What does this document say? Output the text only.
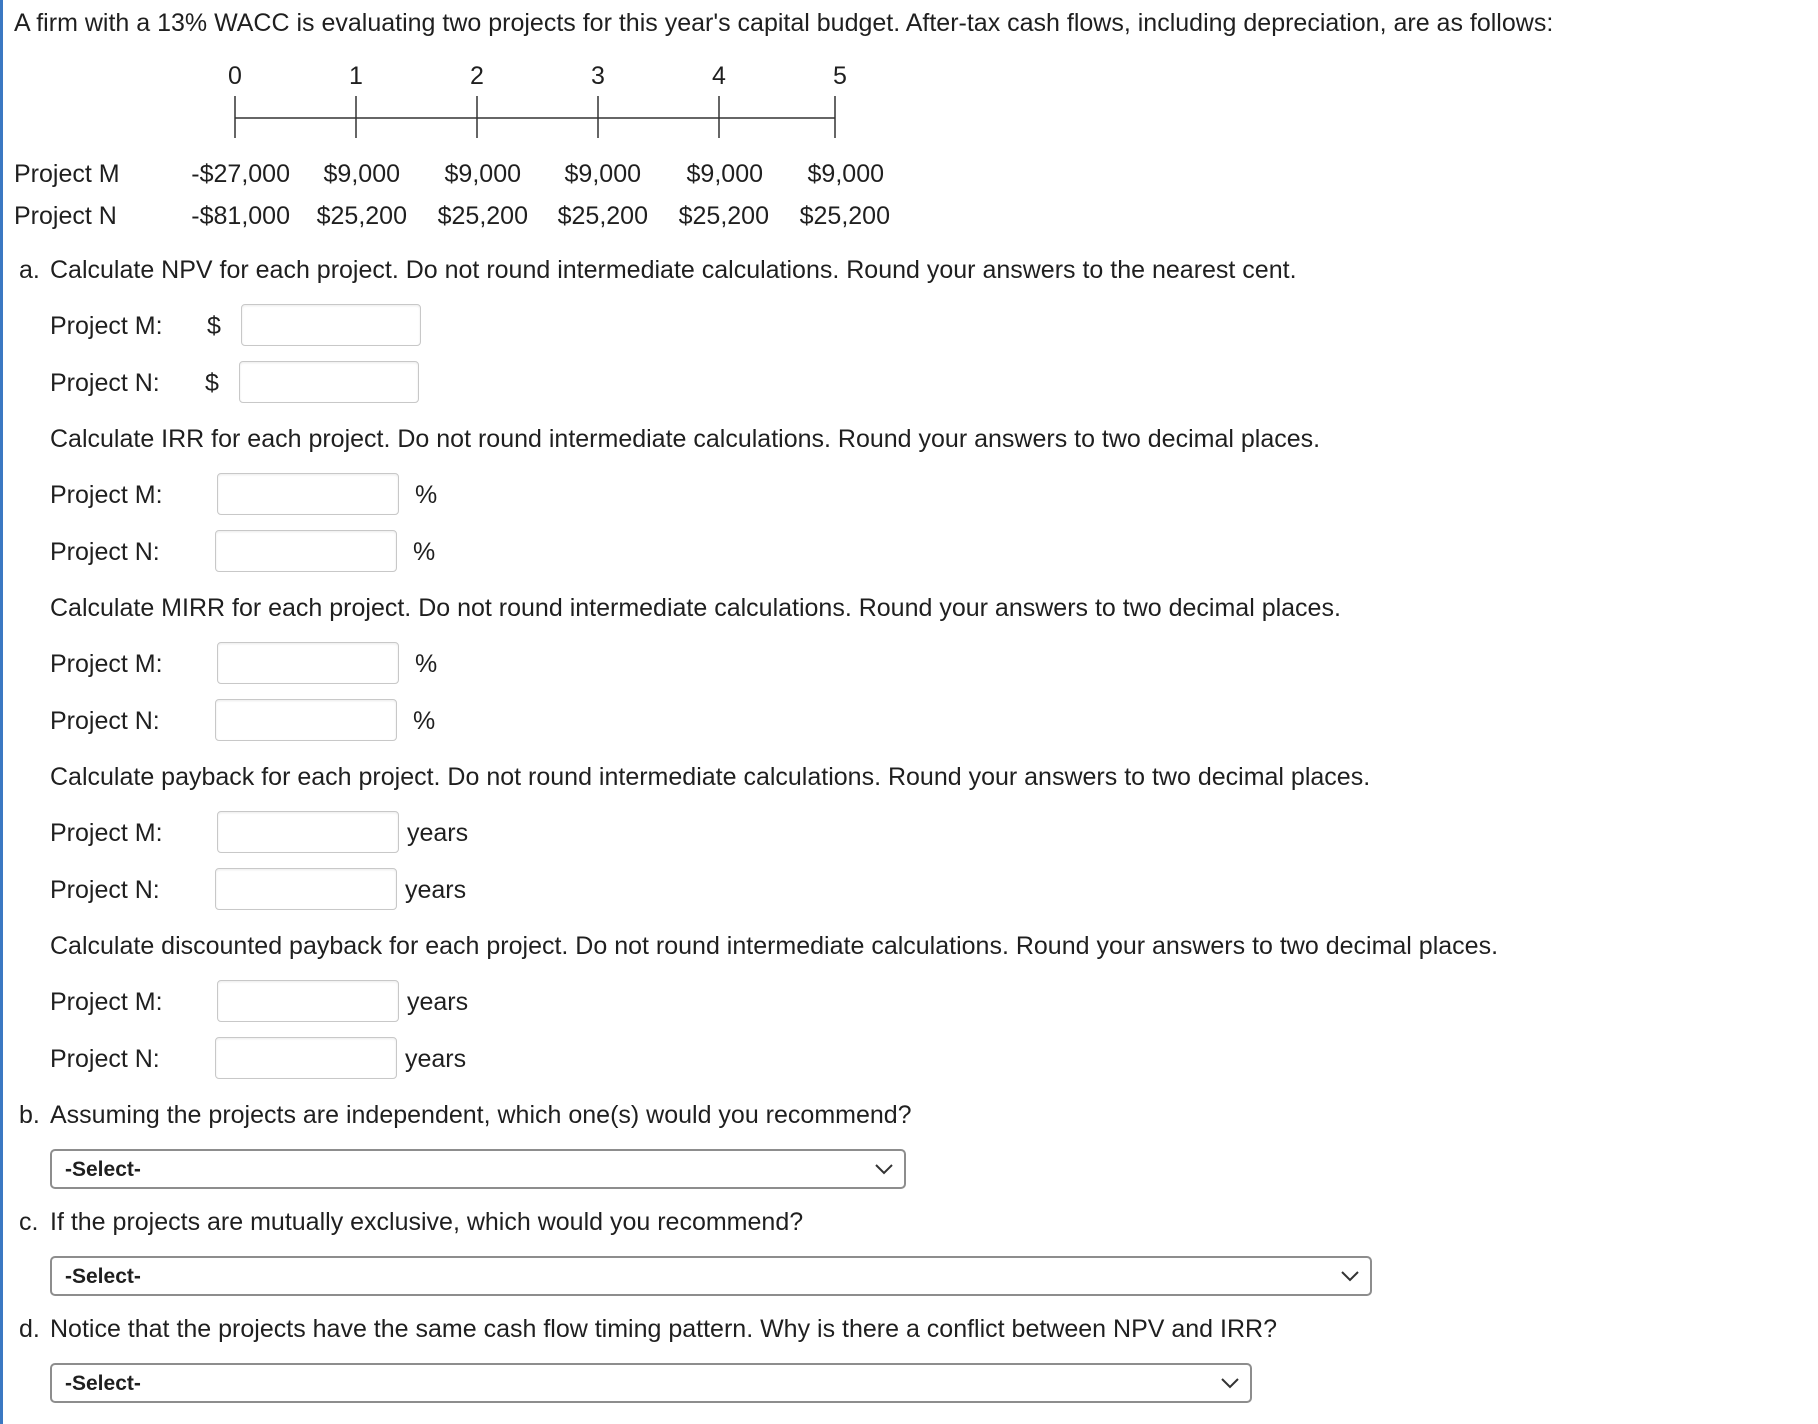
A firm with a 13% WACC is evaluating two projects for this year's capital budget. After-tax cash flows, including depreciation, are as follows:
0	1	2	3	4	5
Project M	-$27,000 $9,000 $9,000 $9,000 $9,000 $9,000
Project N	-$81,000 $25,200 $25,200 $25,200 $25,200 $25,200
a. Calculate NPV for each project. Do not round intermediate calculations. Round your answers to the nearest cent.
Project M: $
Project N: $
Calculate IRR for each project. Do not round intermediate calculations. Round your answers to two decimal places.
Project M:	%
Project N:	%
Calculate MIRR for each project. Do not round intermediate calculations. Round your answers to two decimal places.
Project M:	%
Project N:	%
Calculate payback for each project. Do not round intermediate calculations. Round your answers to two decimal places.
Project M:	years
Project N:	years
Calculate discounted payback for each project. Do not round intermediate calculations. Round your answers to two decimal places.
Project M:	years
Project N:	years
b. Assuming the projects are independent, which one(s) would you recommend?
-Select-
c. If the projects are mutually exclusive, which would you recommend?
-Select-
d. Notice that the projects have the same cash flow timing pattern. Why is there a conflict between NPV and IRR?
-Select-
